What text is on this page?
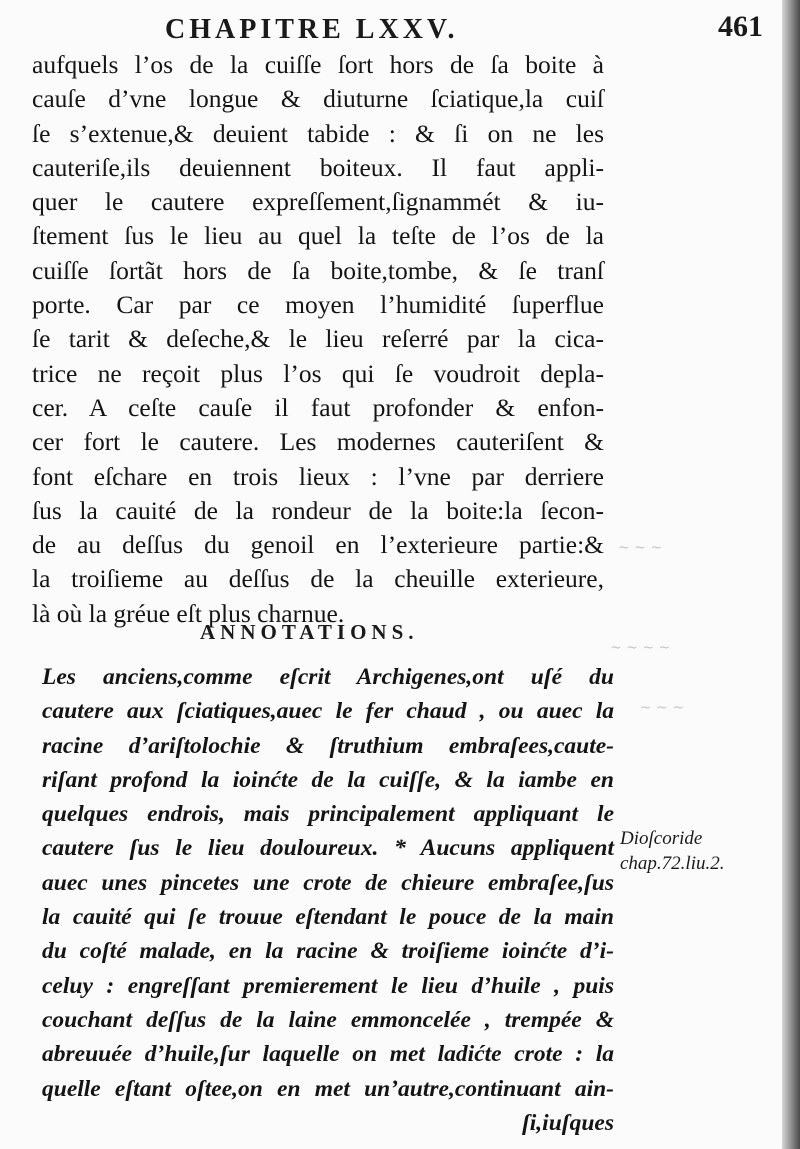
CHAPITRE LXXV.	461
aufquels l’os de la cuiſſe ſort hors de ſa boite à
cauſe d’vne longue & diuturne ſciatique,la cuiſ
ſe s’extenue,& deuient tabide : & ſi on ne les
cauteriſe,ils deuiennent boiteux. Il faut appli-
quer le cautere expreſſement,ſignammét & iu-
ſtement ſus le lieu au quel la teſte de l’os de la
cuiſſe ſortãt hors de ſa boite,tombe, & ſe tranſ
porte. Car par ce moyen l’humidité ſuperflue
ſe tarit & deſeche,& le lieu reſerré par la cica-
trice ne reçoit plus l’os qui ſe voudroit depla-
cer. A ceſte cauſe il faut profonder & enfon-
cer fort le cautere. Les modernes cauteriſent &
font eſchare en trois lieux : l’vne par derriere
ſus la cauité de la rondeur de la boite:la ſecon-
de au deſſus du genoil en l’exterieure partie:&
la troiſieme au deſſus de la cheuille exterieure,
là où la gréue eſt plus charnue.
ANNOTATIONS.
Les anciens,comme eſcrit Archigenes,ont uſé du
cautere aux ſciatiques,auec le fer chaud , ou auec la
racine d’ariſtolochie & ſtruthium embraſees,caute-
riſant profond la ioinćte de la cuiſſe, & la iambe en
quelques endrois, mais principalement appliquant le
cautere ſus le lieu douloureux. * Aucuns appliquent
auec unes pincetes une crote de chieure embraſee,ſus
la cauité qui ſe trouue eſtendant le pouce de la main
du coſté malade, en la racine & troiſieme ioinćte d’i-
celuy : engreſſant premierement le lieu d’huile , puis
couchant deſſus de la laine emmoncelée , trempée &
abreuuée d’huile,ſur laquelle on met ladićte crote : la
quelle eſtant oſtee,on en met un’autre,continuant ain-
ſi,iuſques
Dioſcoride
chap.72.liu.2.
~ ~ ~
~ ~ ~ ~
~ ~ ~
